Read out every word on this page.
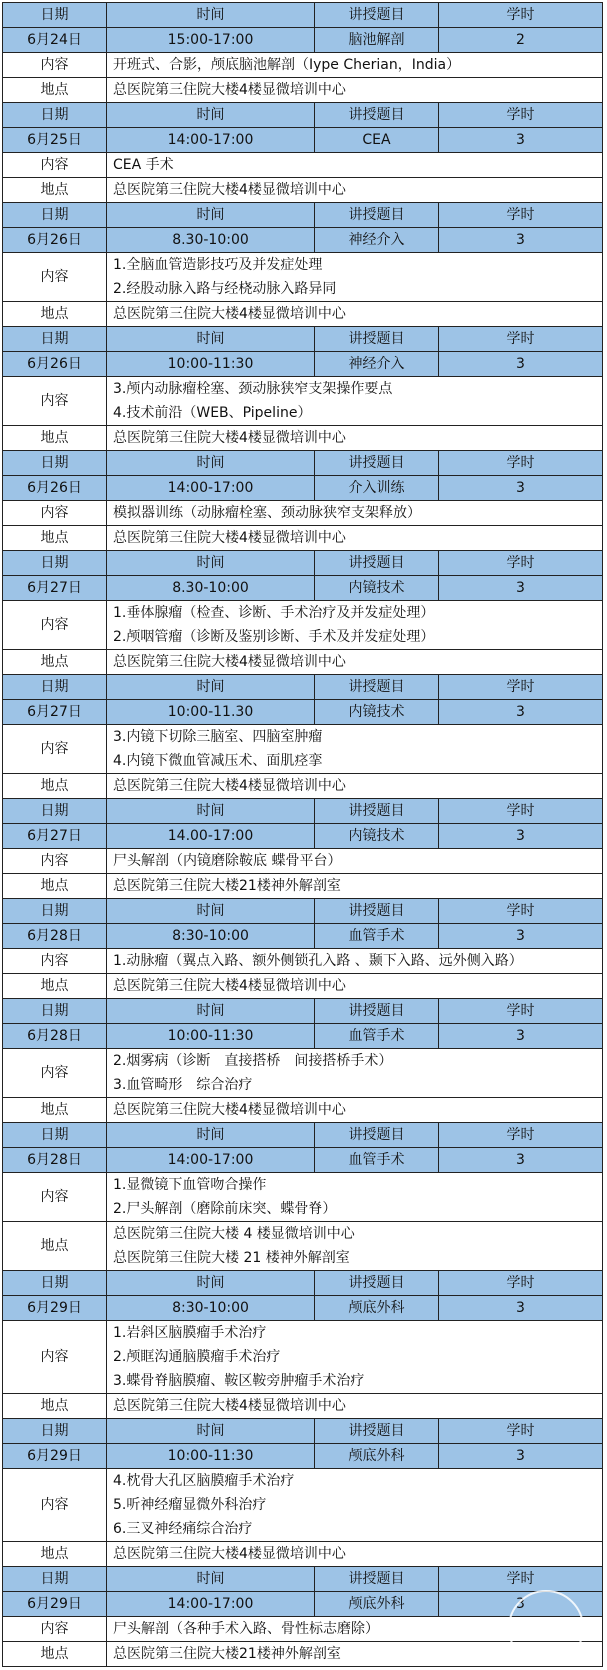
日期	时间	讲授题目	学时
6月24日	15:00-17:00	脑池解剖	2
内容	开班式、合影，颅底脑池解剖（Iype Cherian，India）		

地点	总医院第三住院大楼4楼显微培训中心		

日期	时间	讲授题目	学时
6月25日	14:00-17:00	CEA	3
内容	CEA 手术		

地点	总医院第三住院大楼4楼显微培训中心		

日期	时间	讲授题目	学时
6月26日	8.30-10:00	神经介入	3
内容	1.全脑血管造影技巧及并发症处理
2.经股动脉入路与经桡动脉入路异同		

地点	总医院第三住院大楼4楼显微培训中心		

日期	时间	讲授题目	学时
6月26日	10:00-11:30	神经介入	3
内容	3.颅内动脉瘤栓塞、颈动脉狭窄支架操作要点
4.技术前沿（WEB、Pipeline）		

地点	总医院第三住院大楼4楼显微培训中心		

日期	时间	讲授题目	学时
6月26日	14:00-17:00	介入训练	3
内容	模拟器训练（动脉瘤栓塞、颈动脉狭窄支架释放）		

地点	总医院第三住院大楼4楼显微培训中心		

日期	时间	讲授题目	学时
6月27日	8.30-10:00	内镜技术	3
内容	1.垂体腺瘤（检查、诊断、手术治疗及并发症处理）
2.颅咽管瘤（诊断及鉴别诊断、手术及并发症处理）		

地点	总医院第三住院大楼4楼显微培训中心		

日期	时间	讲授题目	学时
6月27日	10:00-11.30	内镜技术	3
内容	3.内镜下切除三脑室、四脑室肿瘤
4.内镜下微血管减压术、面肌痉挛		

地点	总医院第三住院大楼4楼显微培训中心		

日期	时间	讲授题目	学时
6月27日	14.00-17:00	内镜技术	3
内容	尸头解剖（内镜磨除鞍底 蝶骨平台）		

地点	总医院第三住院大楼21楼神外解剖室		

日期	时间	讲授题目	学时
6月28日	8:30-10:00	血管手术	3
内容	1.动脉瘤（翼点入路、额外侧锁孔入路 、颞下入路、远外侧入路）		

地点	总医院第三住院大楼4楼显微培训中心		

日期	时间	讲授题目	学时
6月28日	10:00-11:30	血管手术	3
内容	2.烟雾病（诊断　直接搭桥　间接搭桥手术）
3.血管畸形　综合治疗		

地点	总医院第三住院大楼4楼显微培训中心		

日期	时间	讲授题目	学时
6月28日	14:00-17:00	血管手术	3
内容	1.显微镜下血管吻合操作
2.尸头解剖（磨除前床突、蝶骨脊）		

地点	总医院第三住院大楼 4 楼显微培训中心
总医院第三住院大楼 21 楼神外解剖室		

日期	时间	讲授题目	学时
6月29日	8:30-10:00	颅底外科	3
内容	1.岩斜区脑膜瘤手术治疗
2.颅眶沟通脑膜瘤手术治疗
3.蝶骨脊脑膜瘤、鞍区鞍旁肿瘤手术治疗		

地点	总医院第三住院大楼4楼显微培训中心		

日期	时间	讲授题目	学时
6月29日	10:00-11:30	颅底外科	3
内容	4.枕骨大孔区脑膜瘤手术治疗
5.听神经瘤显微外科治疗
6.三叉神经痛综合治疗		

地点	总医院第三住院大楼4楼显微培训中心		

日期	时间	讲授题目	学时
6月29日	14:00-17:00	颅底外科	3
内容	尸头解剖（各种手术入路、骨性标志磨除）		

地点	总医院第三住院大楼21楼神外解剖室		
脑医汇
